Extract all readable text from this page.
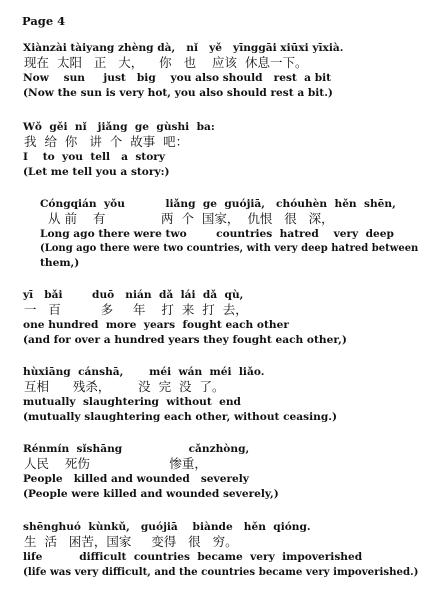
Page 4
Xiànzài tàiyang zhèng dà,   nǐ   yě   yīnggāi xiūxi yīxià.
现在  太阳   正   大，    你   也    应该  休息一下。
Now    sun     just   big    you also should   rest  a bit
(Now the sun is very hot, you also should rest a bit.)
Wǒ  gěi  nǐ   jiǎng  ge  gùshi  ba:
我  给  你   讲  个  故事  吧：
I    to  you  tell   a  story
(Let me tell you a story:)
Cóngqián  yǒu           liǎng  ge  guójiā,   chóuhèn  hěn  shēn,
从 前    有              两  个  国家，  仇恨   很   深，
Long ago there were two        countries  hatred    very  deep
(Long ago there were two countries, with very deep hatred between
them,)
yī   bǎi        duō   nián  dǎ  lái  dǎ  qù,
一   百          多     年    打  来  打  去，
one hundred  more  years  fought each other
(and for over a hundred years they fought each other,)
hùxiāng  cánshā,       méi  wán  méi  liǎo.
互相      残杀，       没  完  没  了。
mutually  slaughtering  without  end
(mutually slaughtering each other, without ceasing.)
Rénmín  sǐshāng                  cǎnzhòng,
人民    死伤                    惨重，
People   killed and wounded   severely
(People were killed and wounded severely,)
shēnghuó  kùnkǔ,   guójiā    biànde   hěn  qióng.
生  活   困苦，国家     变得   很   穷。
life          difficult  countries  became  very  impoverished
(life was very difficult, and the countries became very impoverished.)
